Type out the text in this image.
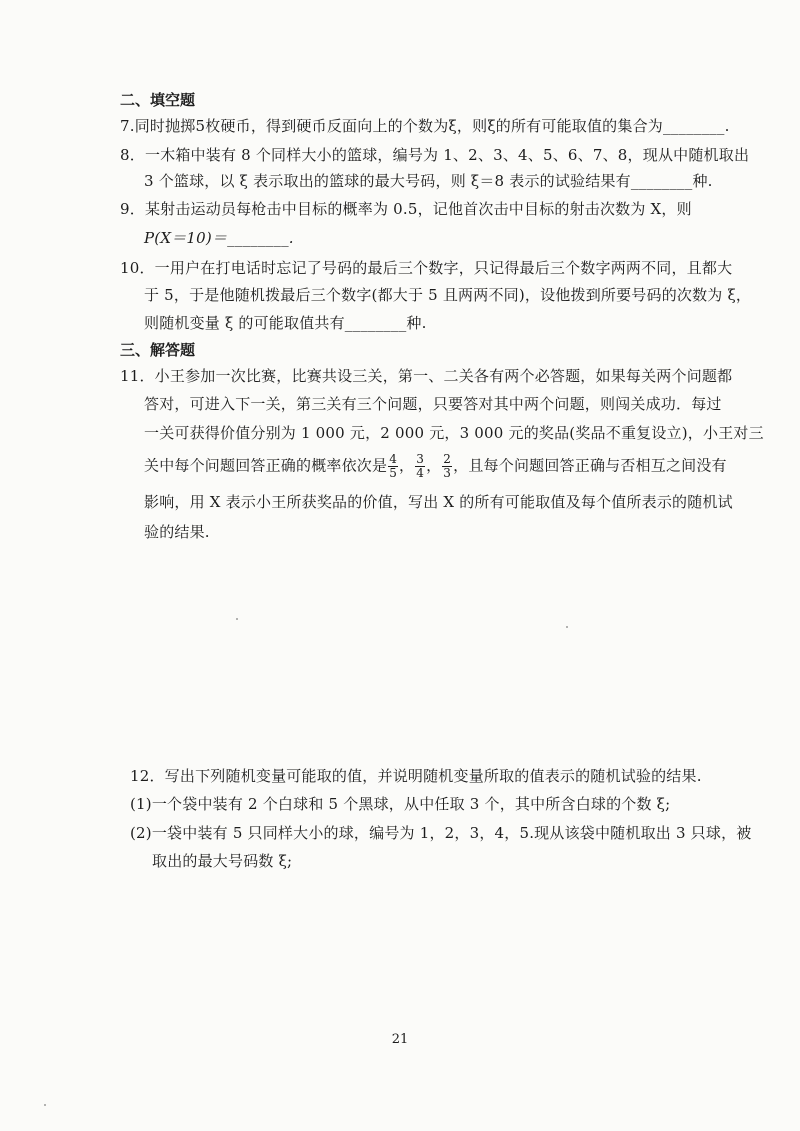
二、填空题
7.同时抛掷5枚硬币，得到硬币反面向上的个数为ξ，则ξ的所有可能取值的集合为________.
8．一木箱中装有 8 个同样大小的篮球，编号为 1、2、3、4、5、6、7、8，现从中随机取出
3 个篮球，以 ξ 表示取出的篮球的最大号码，则 ξ＝8 表示的试验结果有________种.
9．某射击运动员每枪击中目标的概率为 0.5，记他首次击中目标的射击次数为 X，则
P(X＝10)＝________.
10．一用户在打电话时忘记了号码的最后三个数字，只记得最后三个数字两两不同，且都大
于 5，于是他随机拨最后三个数字(都大于 5 且两两不同)，设他拨到所要号码的次数为 ξ，
则随机变量 ξ 的可能取值共有________种.
三、解答题
11．小王参加一次比赛，比赛共设三关，第一、二关各有两个必答题，如果每关两个问题都
答对，可进入下一关，第三关有三个问题，只要答对其中两个问题，则闯关成功．每过
一关可获得价值分别为 1 000 元，2 000 元，3 000 元的奖品(奖品不重复设立)，小王对三
关中每个问题回答正确的概率依次是 $\frac{4}{5}$ ， $\frac{3}{4}$ ， $\frac{2}{3}$ ，且每个问题回答正确与否相互之间没有
影响，用 X 表示小王所获奖品的价值，写出 X 的所有可能取值及每个值所表示的随机试
验的结果.
12．写出下列随机变量可能取的值，并说明随机变量所取的值表示的随机试验的结果.
(1)一个袋中装有 2 个白球和 5 个黑球，从中任取 3 个，其中所含白球的个数 ξ;
(2)一袋中装有 5 只同样大小的球，编号为 1，2，3，4，5.现从该袋中随机取出 3 只球，被
取出的最大号码数 ξ;
21
